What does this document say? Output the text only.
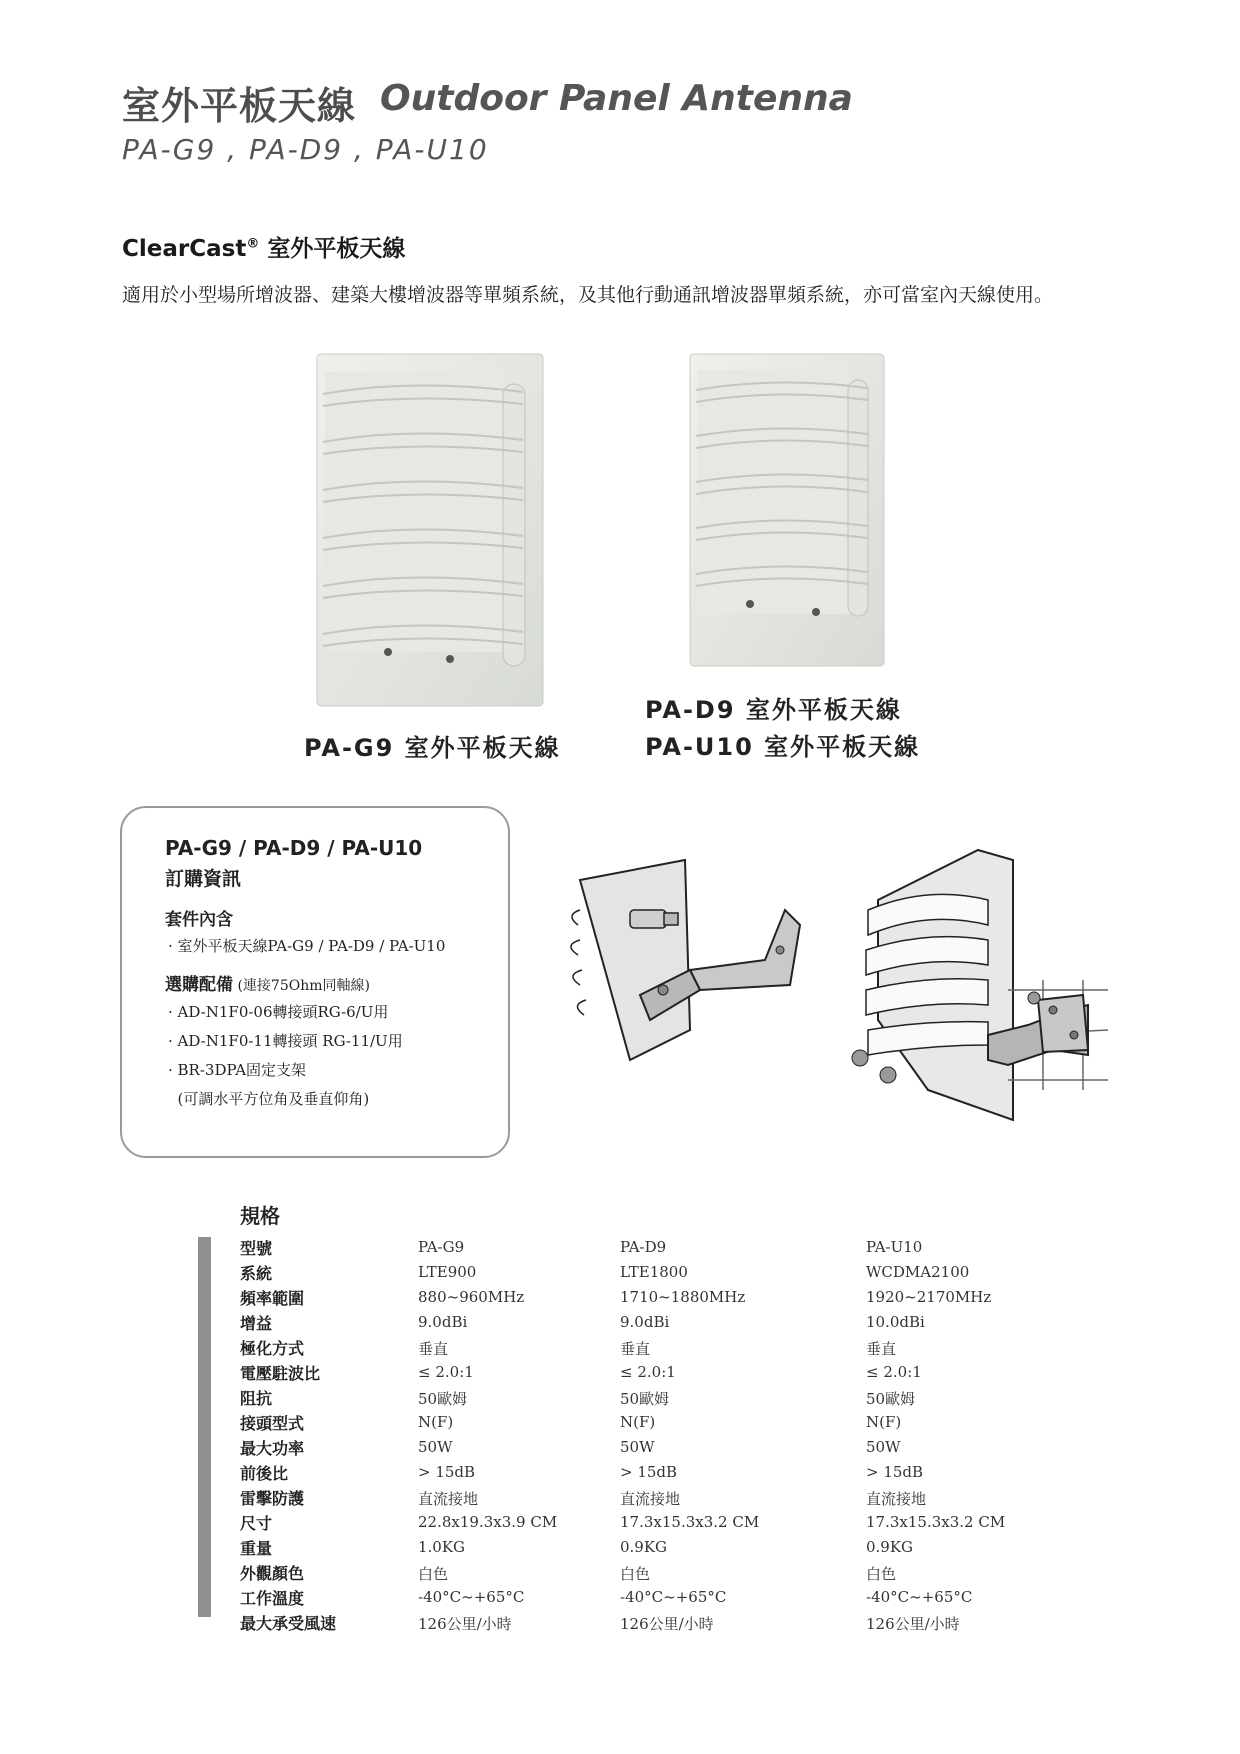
室外平板天線 Outdoor Panel Antenna
PA-G9 , PA-D9 , PA-U10
ClearCast® 室外平板天線
適用於小型場所增波器、建築大樓增波器等單頻系統，及其他行動通訊增波器單頻系統，亦可當室內天線使用。
PA-G9 室外平板天線
PA-D9 室外平板天線
PA-U10 室外平板天線
PA-G9 / PA-D9 / PA-U10
訂購資訊
套件內含
· 室外平板天線PA-G9 / PA-D9 / PA-U10
選購配備 (連接75Ohm同軸線)
· AD-N1F0-06轉接頭RG-6/U用
· AD-N1F0-11轉接頭 RG-11/U用
· BR-3DPA固定支架
(可調水平方位角及垂直仰角)
規格
型號	PA-G9	PA-D9	PA-U10
系統	LTE900	LTE1800	WCDMA2100
頻率範圍	880~960MHz	1710~1880MHz	1920~2170MHz
增益	9.0dBi	9.0dBi	10.0dBi
極化方式	垂直	垂直	垂直
電壓駐波比	≤ 2.0:1	≤ 2.0:1	≤ 2.0:1
阻抗	50歐姆	50歐姆	50歐姆
接頭型式	N(F)	N(F)	N(F)
最大功率	50W	50W	50W
前後比	> 15dB	> 15dB	> 15dB
雷擊防護	直流接地	直流接地	直流接地
尺寸	22.8x19.3x3.9 CM	17.3x15.3x3.2 CM	17.3x15.3x3.2 CM
重量	1.0KG	0.9KG	0.9KG
外觀顏色	白色	白色	白色
工作溫度	-40°C~+65°C	-40°C~+65°C	-40°C~+65°C
最大承受風速	126公里/小時	126公里/小時	126公里/小時
